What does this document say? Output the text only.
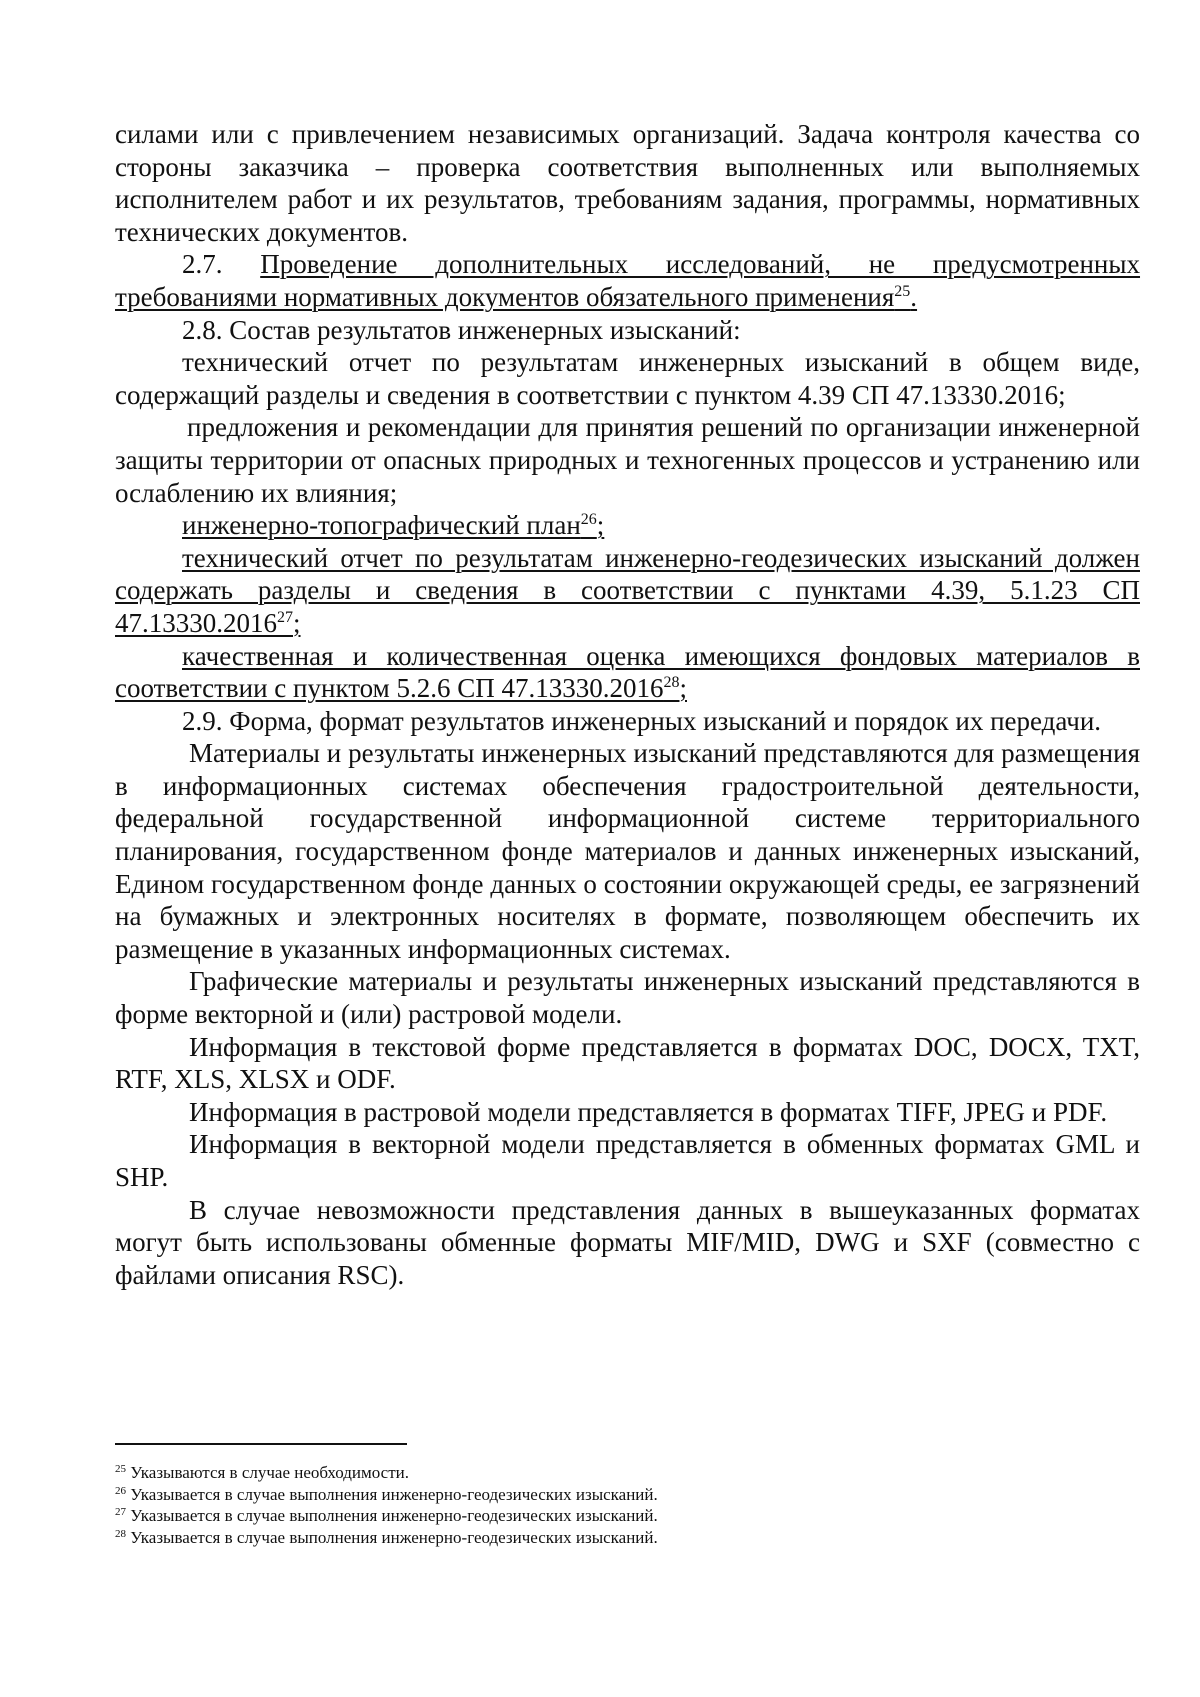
силами или с привлечением независимых организаций. Задача контроля качества со стороны заказчика – проверка соответствия выполненных или выполняемых исполнителем работ и их результатов, требованиям задания, программы, нормативных технических документов.

2.7. Проведение дополнительных исследований, не предусмотренных требованиями нормативных документов обязательного применения$^{25}$.

2.8. Состав результатов инженерных изысканий:

технический отчет по результатам инженерных изысканий в общем виде, содержащий разделы и сведения в соответствии с пунктом 4.39 СП 47.13330.2016;

предложения и рекомендации для принятия решений по организации инженерной защиты территории от опасных природных и техногенных процессов и устранению или ослаблению их влияния;

инженерно-топографический план$^{26}$;

технический отчет по результатам инженерно-геодезических изысканий должен содержать разделы и сведения в соответствии с пунктами 4.39, 5.1.23 СП 47.13330.2016$^{27}$;

качественная и количественная оценка имеющихся фондовых материалов в соответствии с пунктом 5.2.6 СП 47.13330.2016$^{28}$;

2.9. Форма, формат результатов инженерных изысканий и порядок их передачи.

Материалы и результаты инженерных изысканий представляются для размещения в информационных системах обеспечения градостроительной деятельности, федеральной государственной информационной системе территориального планирования, государственном фонде материалов и данных инженерных изысканий, Едином государственном фонде данных о состоянии окружающей среды, ее загрязнений на бумажных и электронных носителях в формате, позволяющем обеспечить их размещение в указанных информационных системах.

Графические материалы и результаты инженерных изысканий представляются в форме векторной и (или) растровой модели.

Информация в текстовой форме представляется в форматах DOC, DOCX, TXT, RTF, XLS, XLSX и ODF.

Информация в растровой модели представляется в форматах TIFF, JPEG и PDF.

Информация в векторной модели представляется в обменных форматах GML и SHP.

В случае невозможности представления данных в вышеуказанных форматах могут быть использованы обменные форматы MIF/MID, DWG и SXF (совместно с файлами описания RSC).

$^{25}$ Указываются в случае необходимости.

$^{26}$ Указывается в случае выполнения инженерно-геодезических изысканий.

$^{27}$ Указывается в случае выполнения инженерно-геодезических изысканий.

$^{28}$ Указывается в случае выполнения инженерно-геодезических изысканий.
